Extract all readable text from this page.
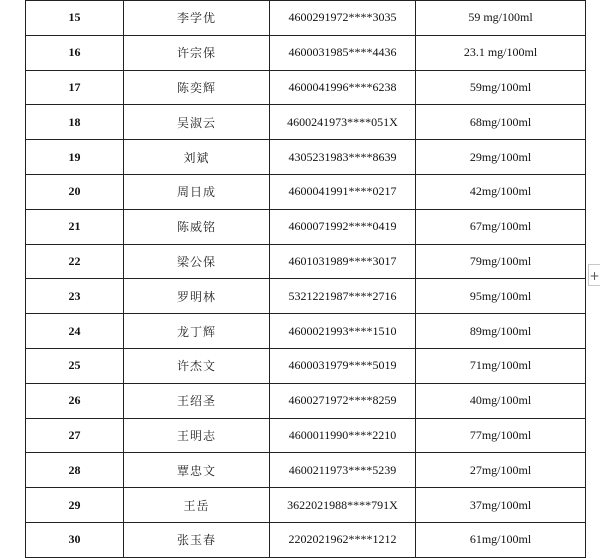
15	李学优	4600291972****3035	59 mg/100ml
16	许宗保	4600031985****4436	23.1 mg/100ml
17	陈奕辉	4600041996****6238	59mg/100ml
18	吴淑云	4600241973****051X	68mg/100ml
19	刘斌	4305231983****8639	29mg/100ml
20	周日成	4600041991****0217	42mg/100ml
21	陈威铭	4600071992****0419	67mg/100ml
22	梁公保	4601031989****3017	79mg/100ml
23	罗明林	5321221987****2716	95mg/100ml
24	龙丁辉	4600021993****1510	89mg/100ml
25	许杰文	4600031979****5019	71mg/100ml
26	王绍圣	4600271972****8259	40mg/100ml
27	王明志	4600011990****2210	77mg/100ml
28	覃忠文	4600211973****5239	27mg/100ml
29	王岳	3622021988****791X	37mg/100ml
30	张玉春	2202021962****1212	61mg/100ml
+
